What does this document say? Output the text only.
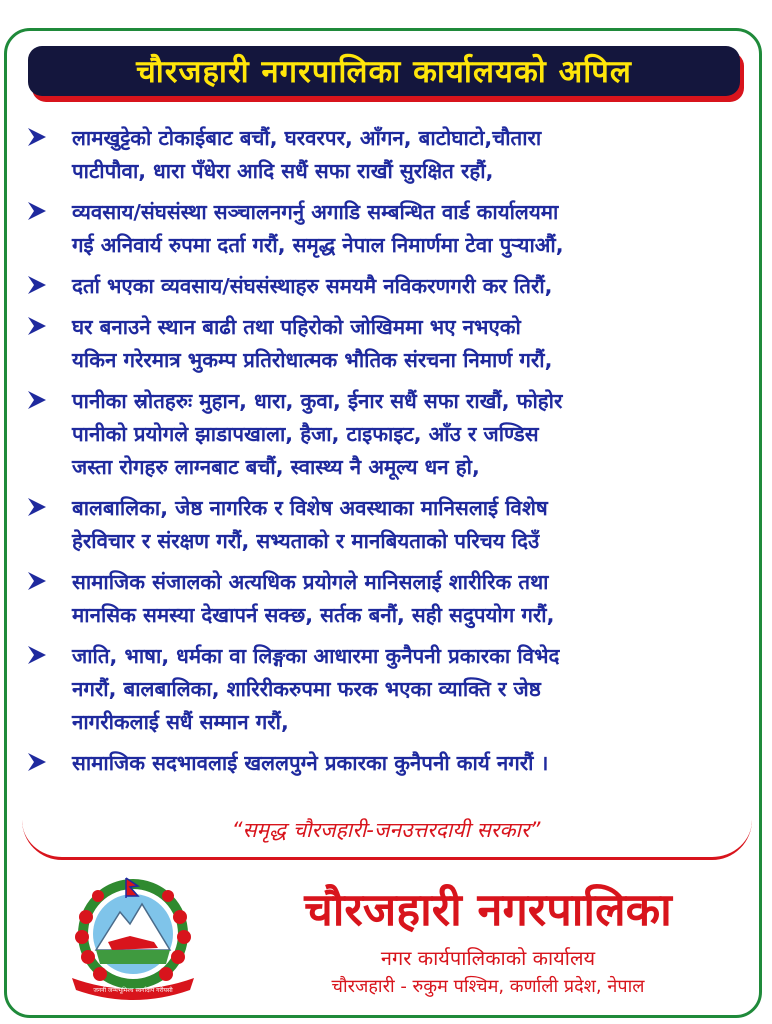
चौरजहारी नगरपालिका कार्यालयको अपिल
लामखुट्टेको टोकाईबाट बचौं, घरवरपर, आँगन, बाटोघाटो,चौतारा
पाटीपौवा, धारा पँधेरा आदि सधैं सफा राखौं सुरक्षित रहौं,
व्यवसाय/संघसंस्था सञ्चालनगर्नु अगाडि सम्बन्धित वार्ड कार्यालयमा
गई अनिवार्य रुपमा दर्ता गरौं, समृद्ध नेपाल निमार्णमा टेवा पुऱ्याऔं,
दर्ता भएका व्यवसाय/संघसंस्थाहरु समयमै नविकरणगरी कर तिरौं,
घर बनाउने स्थान बाढी तथा पहिरोको जोखिममा भए नभएको
यकिन गरेरमात्र भुकम्प प्रतिरोधात्मक भौतिक संरचना निमार्ण गरौं,
पानीका स्रोतहरुः मुहान, धारा, कुवा, ईनार सधैं सफा राखौं, फोहोर
पानीको प्रयोगले झाडापखाला, हैजा, टाइफाइट, आँउ र जण्डिस
जस्ता रोगहरु लाग्नबाट बचौं, स्वास्थ्य नै अमूल्य धन हो,
बालबालिका, जेष्ठ नागरिक र विशेष अवस्थाका मानिसलाई विशेष
हेरविचार र संरक्षण गरौं, सभ्यताको र मानबियताको परिचय दिउँ
सामाजिक संजालको अत्यधिक प्रयोगले मानिसलाई शारीरिक तथा
मानसिक समस्या देखापर्न सक्छ, सर्तक बनौं, सही सदुपयोग गरौं,
जाति, भाषा, धर्मका वा लिङ्गका आधारमा कुनैपनी प्रकारका विभेद
नगरौं, बालबालिका, शारिरीकरुपमा फरक भएका व्याक्ति र जेष्ठ
नागरीकलाई सधैं सम्मान गरौं,
सामाजिक सदभावलाई खललपुग्ने प्रकारका कुनैपनी कार्य नगरौं ।
“समृद्ध चौरजहारी-जनउत्तरदायी सरकार”
जननी जन्मभूमिश्च स्वर्गादपि गरीयसी
चौरजहारी नगरपालिका
नगर कार्यपालिकाको कार्यालय
चौरजहारी - रुकुम पश्चिम, कर्णाली प्रदेश, नेपाल
